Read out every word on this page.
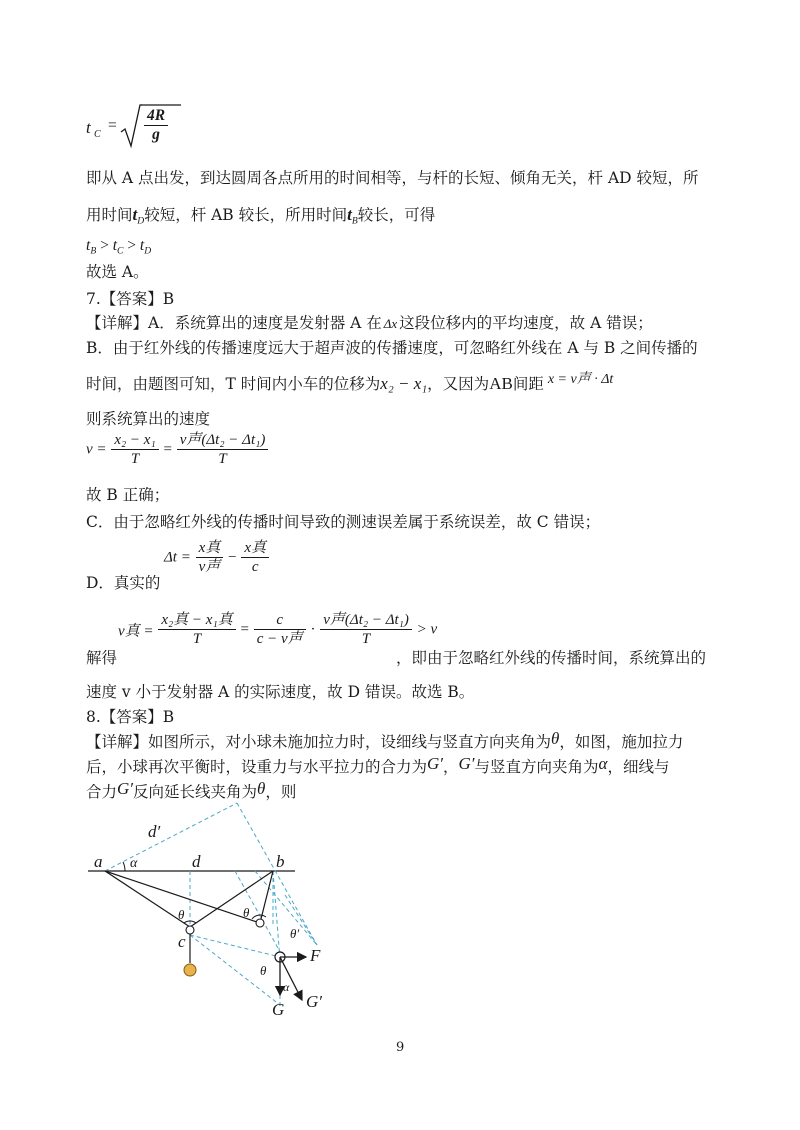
t C
= $\frac{4R}{g}$
即从 A 点出发，到达圆周各点所用的时间相等，与杆的长短、倾角无关，杆 AD 较短，所
用时间$t_D$较短，杆 AB 较长，所用时间$t_B$较长，可得
$t_B > t_C > t_D$
故选 A。
7.【答案】B
【详解】A．系统算出的速度是发射器 A 在 Δx 这段位移内的平均速度，故 A 错误；
B．由于红外线的传播速度远大于超声波的传播速度，可忽略红外线在 A 与 B 之间传播的
时间，由题图可知，T 时间内小车的位移为x₂ − x₁，又因为AB间距 x = v声 · Δt
则系统算出的速度
$v = \frac{\text{x₂ − x₁}}{T} = \frac{\text{v声(Δt₂ − Δt₁)}}{T}$
故 B 正确；
C．由于忽略红外线的传播时间导致的测速误差属于系统误差，故 C 错误；
$\Delta t = \frac{\text{x真}}{\text{v声}} - \frac{\text{x真}}{c}$
D．真实的
v真 = $\frac{\text{x₂真 − x₁真}}{T} = \frac{c}{\text{c − v声}} \cdot \frac{\text{v声(Δt₂ − Δt₁)}}{T} > v$
解得	，即由于忽略红外线的传播时间，系统算出的
速度 v 小于发射器 A 的实际速度，故 D 错误。故选 B。
8.【答案】B
【详解】如图所示，对小球未施加拉力时，设细线与竖直方向夹角为θ，如图，施加拉力
后，小球再次平衡时，设重力与水平拉力的合力为G′，G′与竖直方向夹角为α，细线与
合力G′反向延长线夹角为θ，则
a α	d	b
d′
c
θ	θ
θ′
θ
α
F
G G′
9
